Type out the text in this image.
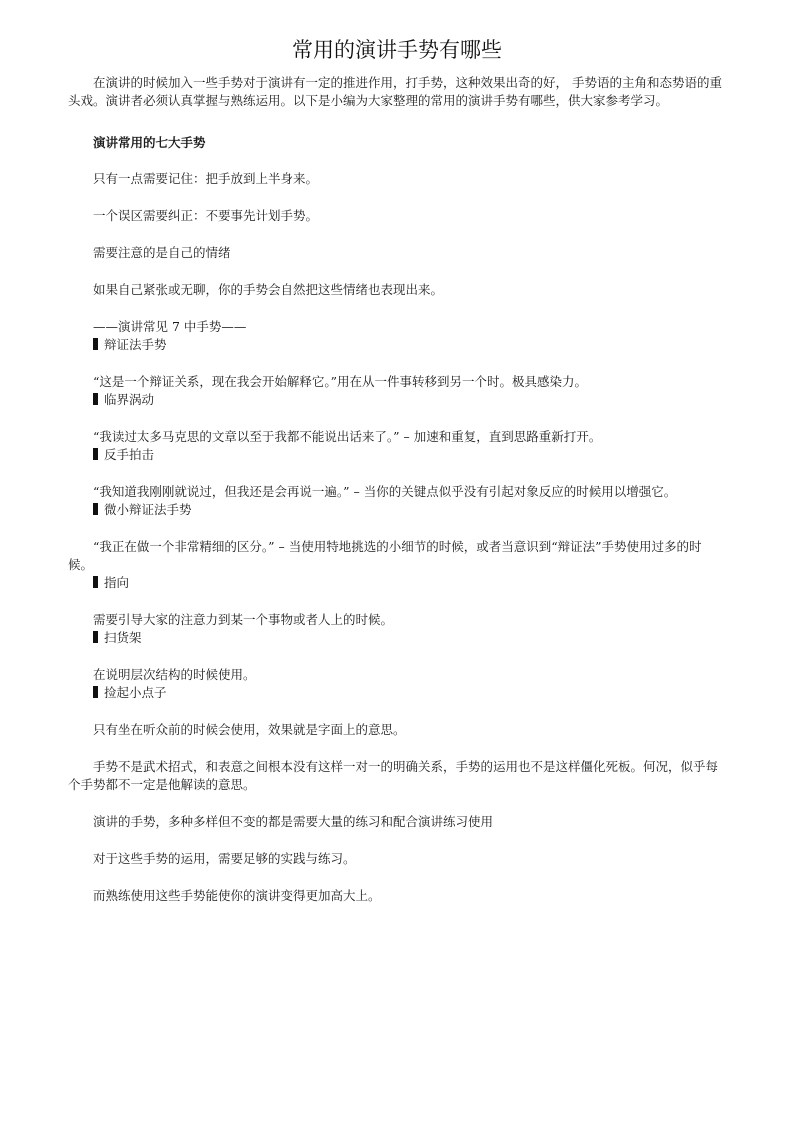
常用的演讲手势有哪些

在演讲的时候加入一些手势对于演讲有一定的推进作用，打手势，这种效果出奇的好， 手势语的主角和态势语的重头戏。演讲者必须认真掌握与熟练运用。以下是小编为大家整理的常用的演讲手势有哪些，供大家参考学习。

演讲常用的七大手势

只有一点需要记住：把手放到上半身来。

一个误区需要纠正：不要事先计划手势。

需要注意的是自己的情绪

如果自己紧张或无聊，你的手势会自然把这些情绪也表现出来。

——演讲常见 7 中手势——

辩证法手势

“这是一个辩证关系，现在我会开始解释它。”用在从一件事转移到另一个时。极具感染力。

临界涡动

“我读过太多马克思的文章以至于我都不能说出话来了。” – 加速和重复，直到思路重新打开。

反手拍击

“我知道我刚刚就说过，但我还是会再说一遍。” – 当你的关键点似乎没有引起对象反应的时候用以增强它。

微小辩证法手势

“我正在做一个非常精细的区分。” – 当使用特地挑选的小细节的时候，或者当意识到“辩证法”手势使用过多的时候。

指向

需要引导大家的注意力到某一个事物或者人上的时候。

扫货架

在说明层次结构的时候使用。

捡起小点子

只有坐在听众前的时候会使用，效果就是字面上的意思。

手势不是武术招式，和表意之间根本没有这样一对一的明确关系，手势的运用也不是这样僵化死板。何况，似乎每个手势都不一定是他解读的意思。

演讲的手势，多种多样但不变的都是需要大量的练习和配合演讲练习使用

对于这些手势的运用，需要足够的实践与练习。

而熟练使用这些手势能使你的演讲变得更加高大上。
